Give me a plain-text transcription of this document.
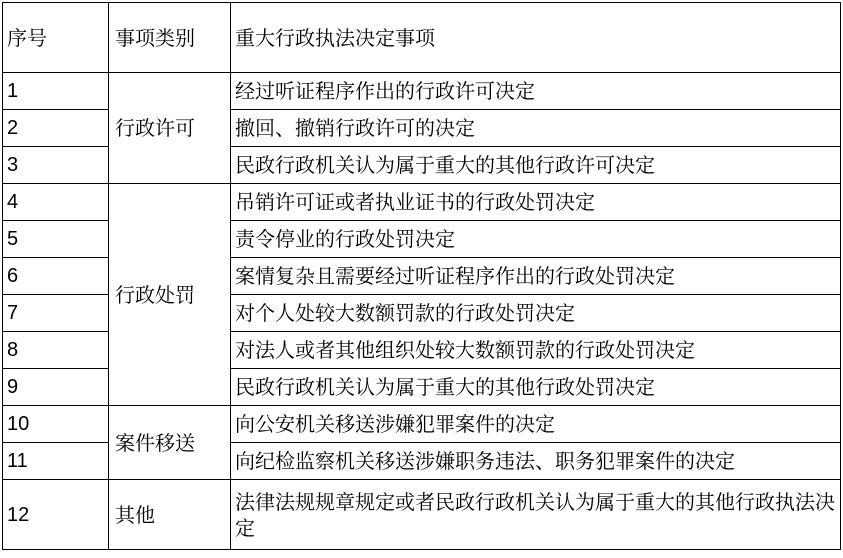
序号	事项类别	重大行政执法决定事项
1	行政许可	经过听证程序作出的行政许可决定
2		撤回、撤销行政许可的决定
3		民政行政机关认为属于重大的其他行政许可决定
4	行政处罚	吊销许可证或者执业证书的行政处罚决定
5		责令停业的行政处罚决定
6		案情复杂且需要经过听证程序作出的行政处罚决定
7		对个人处较大数额罚款的行政处罚决定
8		对法人或者其他组织处较大数额罚款的行政处罚决定
9		民政行政机关认为属于重大的其他行政处罚决定
10	案件移送	向公安机关移送涉嫌犯罪案件的决定
11		向纪检监察机关移送涉嫌职务违法、职务犯罪案件的决定
12	其他	法律法规规章规定或者民政行政机关认为属于重大的其他行政执法决定
